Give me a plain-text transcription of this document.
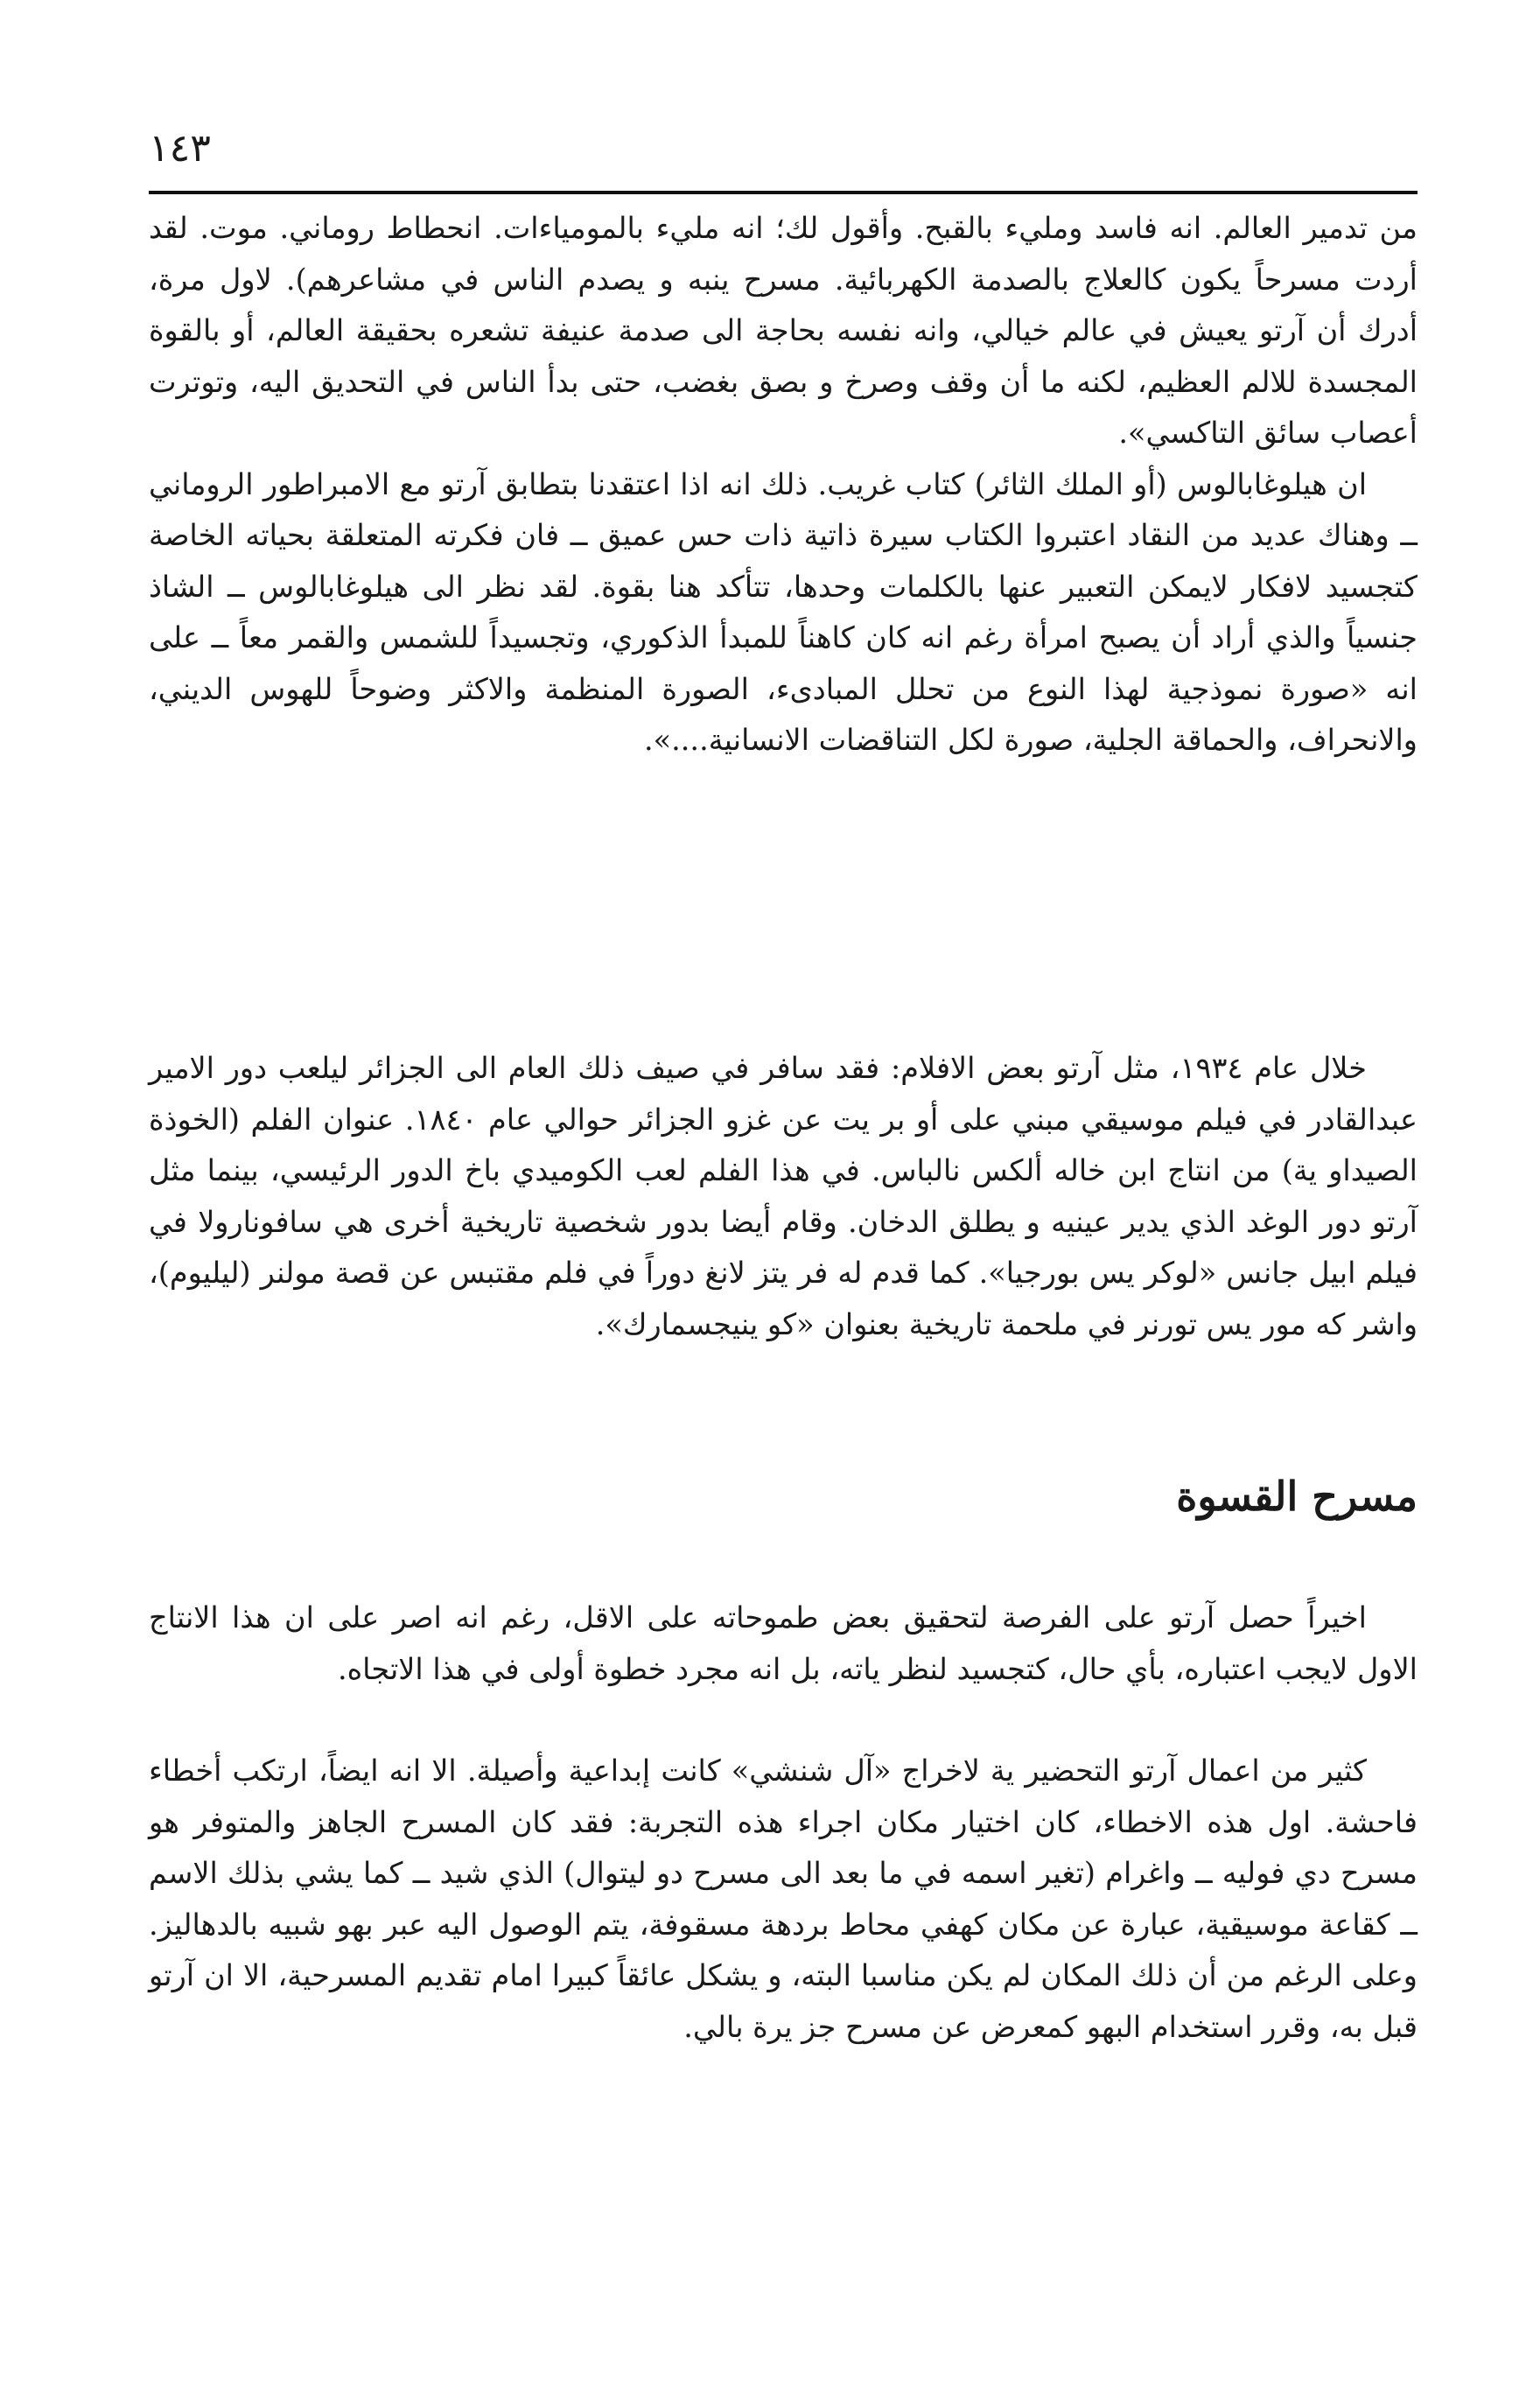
١٤٣

من تدمير العالم. انه فاسد ومليء بالقبح. وأقول لك؛ انه مليء بالمومياءات. انحطاط روماني. موت. لقد أردت مسرحاً يكون كالعلاج بالصدمة الكهربائية. مسرح ينبه و يصدم الناس في مشاعرهم). لاول مرة، أدرك أن آرتو يعيش في عالم خيالي، وانه نفسه بحاجة الى صدمة عنيفة تشعره بحقيقة العالم، أو بالقوة المجسدة للالم العظيم، لكنه ما أن وقف وصرخ و بصق بغضب، حتى بدأ الناس في التحديق اليه، وتوترت أعصاب سائق التاكسي».

ان هيلوغابالوس (أو الملك الثائر) كتاب غريب. ذلك انه اذا اعتقدنا بتطابق آرتو مع الامبراطور الروماني ــ وهناك عديد من النقاد اعتبروا الكتاب سيرة ذاتية ذات حس عميق ــ فان فكرته المتعلقة بحياته الخاصة كتجسيد لافكار لايمكن التعبير عنها بالكلمات وحدها، تتأكد هنا بقوة. لقد نظر الى هيلوغابالوس ــ الشاذ جنسياً والذي أراد أن يصبح امرأة رغم انه كان كاهناً للمبدأ الذكوري، وتجسيداً للشمس والقمر معاً ــ على انه «صورة نموذجية لهذا النوع من تحلل المبادىء، الصورة المنظمة والاكثر وضوحاً للهوس الديني، والانحراف، والحماقة الجلية، صورة لكل التناقضات الانسانية....».

خلال عام ١٩٣٤، مثل آرتو بعض الافلام: فقد سافر في صيف ذلك العام الى الجزائر ليلعب دور الامير عبدالقادر في فيلم موسيقي مبني على أو بر يت عن غزو الجزائر حوالي عام ١٨٤٠. عنوان الفلم (الخوذة الصيداو ية) من انتاج ابن خاله ألكس نالباس. في هذا الفلم لعب الكوميدي باخ الدور الرئيسي، بينما مثل آرتو دور الوغد الذي يدير عينيه و يطلق الدخان. وقام أيضا بدور شخصية تاريخية أخرى هي سافونارولا في فيلم ابيل جانس «لوكر يس بورجيا». كما قدم له فر يتز لانغ دوراً في فلم مقتبس عن قصة مولنر (ليليوم)، واشر كه مور يس تورنر في ملحمة تاريخية بعنوان «كو ينيجسمارك».

مسرح القسوة

اخيراً حصل آرتو على الفرصة لتحقيق بعض طموحاته على الاقل، رغم انه اصر على ان هذا الانتاج الاول لايجب اعتباره، بأي حال، كتجسيد لنظر ياته، بل انه مجرد خطوة أولى في هذا الاتجاه.

كثير من اعمال آرتو التحضير ية لاخراج «آل شنشي» كانت إبداعية وأصيلة. الا انه ايضاً، ارتكب أخطاء فاحشة. اول هذه الاخطاء، كان اختيار مكان اجراء هذه التجربة: فقد كان المسرح الجاهز والمتوفر هو مسرح دي فوليه ــ واغرام (تغير اسمه في ما بعد الى مسرح دو ليتوال) الذي شيد ــ كما يشي بذلك الاسم ــ كقاعة موسيقية، عبارة عن مكان كهفي محاط بردهة مسقوفة، يتم الوصول اليه عبر بهو شبيه بالدهاليز. وعلى الرغم من أن ذلك المكان لم يكن مناسبا البته، و يشكل عائقاً كبيرا امام تقديم المسرحية، الا ان آرتو قبل به، وقرر استخدام البهو كمعرض عن مسرح جز يرة بالي.
